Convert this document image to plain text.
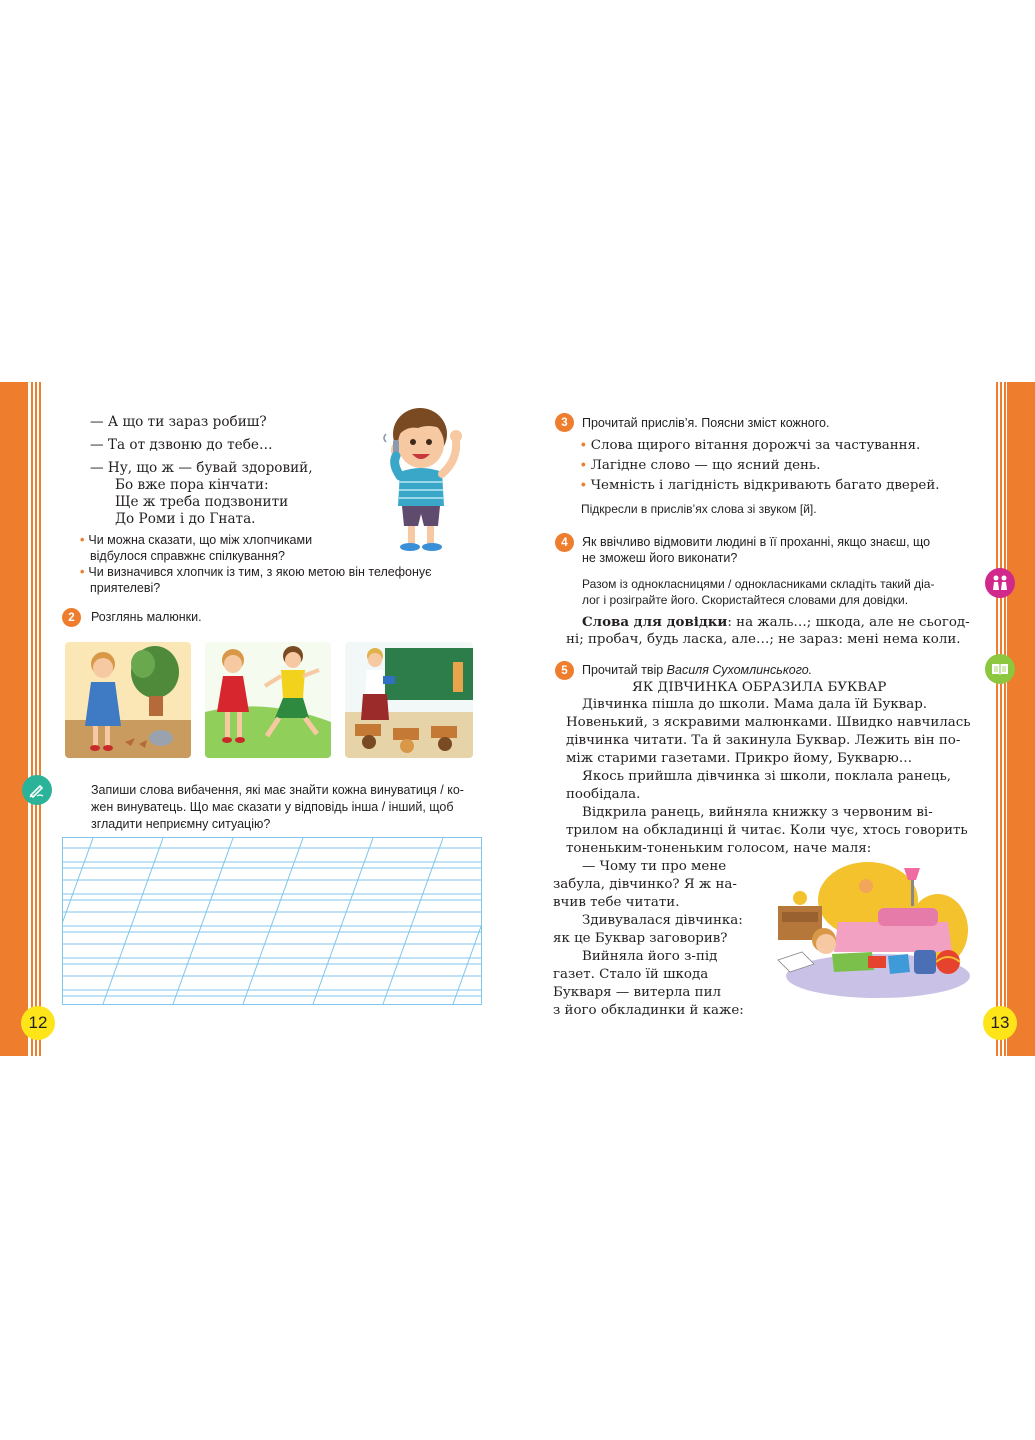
12	13
— А що ти зараз робиш?
— Та от дзвоню до тебе…
— Ну, що ж — бувай здоровий,
Бо вже пора кінчати:
Ще ж треба подзвонити
До Роми і до Гната.
• Чи можна сказати, що між хлопчиками
відбулося справжнє спілкування?
• Чи визначився хлопчик із тим, з якою метою він телефонує
приятелеві?
2	Розглянь малюнки.
Запиши слова вибачення, які має знайти кожна винуватиця / ко-
жен винуватець. Що має сказати у відповідь інша / інший, щоб
згладити неприємну ситуацію?
3	Прочитай прислів’я. Поясни зміст кожного.
• Слова щирого вітання дорожчі за частування.
• Лагідне слово — що ясний день.
• Чемність і лагідність відкривають багато дверей.
Підкресли в прислів’ях слова зі звуком [й].
4	Як ввічливо відмовити людині в її проханні, якщо знаєш, що
не зможеш його виконати?
Разом із однокласницями / однокласниками складіть такий діа-
лог і розіграйте його. Скористайтеся словами для довідки.
Слова для довідки: на жаль…; шкода, але не сьогод-
ні; пробач, будь ласка, але…; не зараз: мені нема коли.
5	Прочитай твір Василя Сухомлинського.
ЯК ДІВЧИНКА ОБРАЗИЛА БУКВАР
Дівчинка пішла до школи. Мама дала їй Буквар.
Новенький, з яскравими малюнками. Швидко навчилась
дівчинка читати. Та й закинула Буквар. Лежить він по-
між старими газетами. Прикро йому, Букварю…
Якось прийшла дівчинка зі школи, поклала ранець,
пообідала.
Відкрила ранець, вийняла книжку з червоним ві-
трилом на обкладинці й читає. Коли чує, хтось говорить
тоненьким-тоненьким голосом, наче маля:
— Чому ти про мене
забула, дівчинко? Я ж на-
вчив тебе читати.
Здивувалася дівчинка:
як це Буквар заговорив?
Вийняла його з-під
газет. Стало їй шкода
Букваря — витерла пил
з його обкладинки й каже:
